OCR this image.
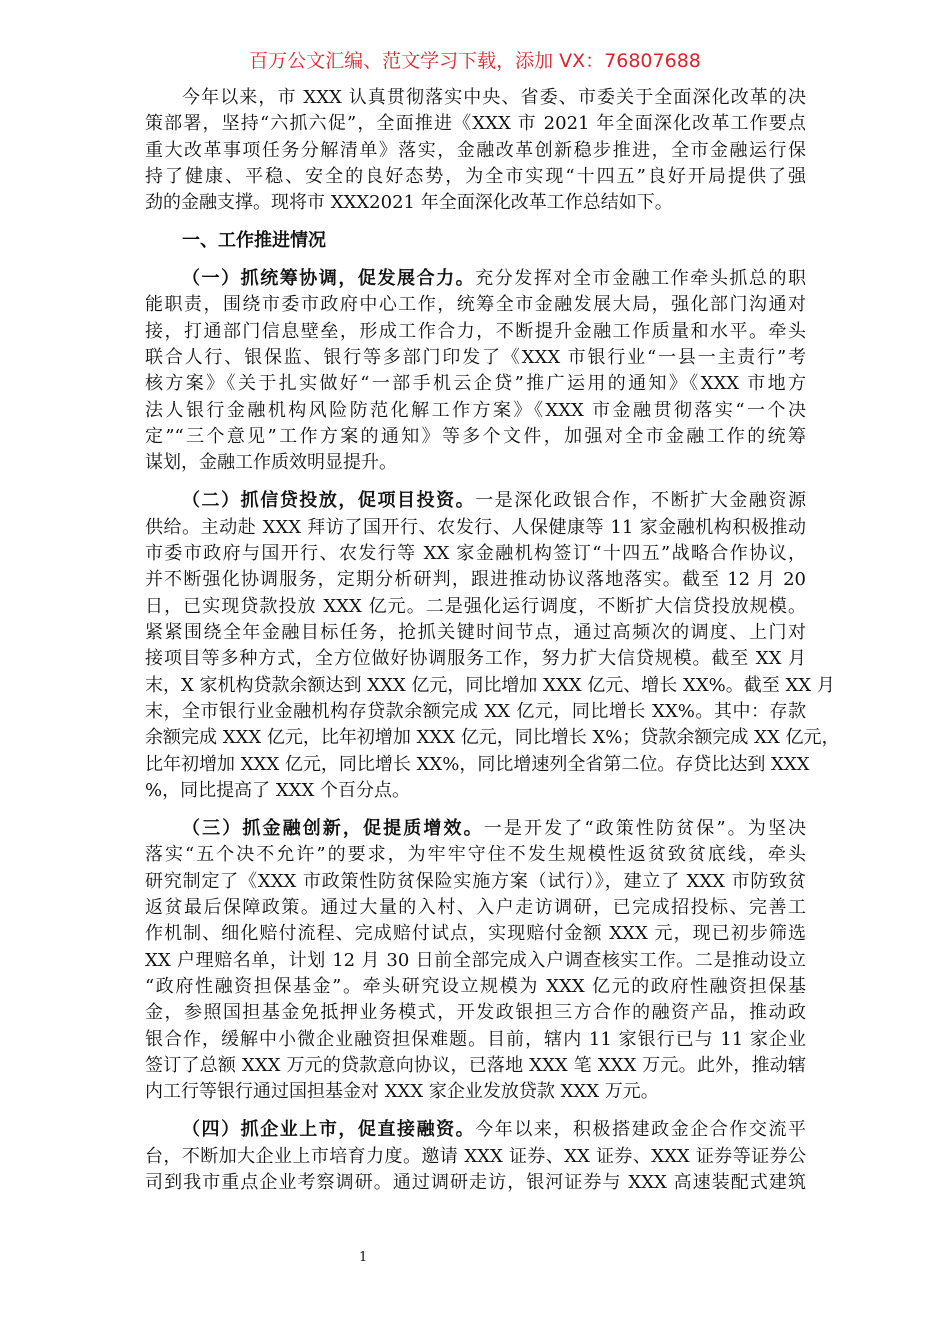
百万公文汇编、范文学习下载，添加 VX：76807688
今年以来，市 XXX 认真贯彻落实中央、省委、市委关于全面深化改革的决
策部署，坚持“六抓六促”，全面推进《XXX 市 2021 年全面深化改革工作要点
重大改革事项任务分解清单》落实，金融改革创新稳步推进，全市金融运行保
持了健康、平稳、安全的良好态势，为全市实现“十四五”良好开局提供了强
劲的金融支撑。现将市 XXX2021 年全面深化改革工作总结如下。
一、工作推进情况
（一）抓统筹协调，促发展合力。充分发挥对全市金融工作牵头抓总的职
能职责，围绕市委市政府中心工作，统筹全市金融发展大局，强化部门沟通对
接，打通部门信息壁垒，形成工作合力，不断提升金融工作质量和水平。牵头
联合人行、银保监、银行等多部门印发了《XXX 市银行业“一县一主责行”考
核方案》《关于扎实做好“一部手机云企贷”推广运用的通知》《XXX 市地方
法人银行金融机构风险防范化解工作方案》《XXX 市金融贯彻落实“一个决
定”“三个意见”工作方案的通知》等多个文件，加强对全市金融工作的统筹
谋划，金融工作质效明显提升。
（二）抓信贷投放，促项目投资。一是深化政银合作，不断扩大金融资源
供给。主动赴 XXX 拜访了国开行、农发行、人保健康等 11 家金融机构积极推动
市委市政府与国开行、农发行等 XX 家金融机构签订“十四五”战略合作协议，
并不断强化协调服务，定期分析研判，跟进推动协议落地落实。截至 12 月 20
日，已实现贷款投放 XXX 亿元。二是强化运行调度，不断扩大信贷投放规模。
紧紧围绕全年金融目标任务，抢抓关键时间节点，通过高频次的调度、上门对
接项目等多种方式，全方位做好协调服务工作，努力扩大信贷规模。截至 XX 月
末，X 家机构贷款余额达到 XXX 亿元，同比增加 XXX 亿元、增长 XX%。截至 XX 月
末，全市银行业金融机构存贷款余额完成 XX 亿元，同比增长 XX%。其中：存款
余额完成 XXX 亿元，比年初增加 XXX 亿元，同比增长 X%；贷款余额完成 XX 亿元，
比年初增加 XXX 亿元，同比增长 XX%，同比增速列全省第二位。存贷比达到 XXX
%，同比提高了 XXX 个百分点。
（三）抓金融创新，促提质增效。一是开发了“政策性防贫保”。为坚决
落实“五个决不允许”的要求，为牢牢守住不发生规模性返贫致贫底线，牵头
研究制定了《XXX 市政策性防贫保险实施方案（试行）》，建立了 XXX 市防致贫
返贫最后保障政策。通过大量的入村、入户走访调研，已完成招投标、完善工
作机制、细化赔付流程、完成赔付试点，实现赔付金额 XXX 元，现已初步筛选
XX 户理赔名单，计划 12 月 30 日前全部完成入户调查核实工作。二是推动设立
“政府性融资担保基金”。牵头研究设立规模为 XXX 亿元的政府性融资担保基
金，参照国担基金免抵押业务模式，开发政银担三方合作的融资产品，推动政
银合作，缓解中小微企业融资担保难题。目前，辖内 11 家银行已与 11 家企业
签订了总额 XXX 万元的贷款意向协议，已落地 XXX 笔 XXX 万元。此外，推动辖
内工行等银行通过国担基金对 XXX 家企业发放贷款 XXX 万元。
（四）抓企业上市，促直接融资。今年以来，积极搭建政金企合作交流平
台，不断加大企业上市培育力度。邀请 XXX 证券、XX 证券、XXX 证券等证券公
司到我市重点企业考察调研。通过调研走访，银河证券与 XXX 高速装配式建筑
1
